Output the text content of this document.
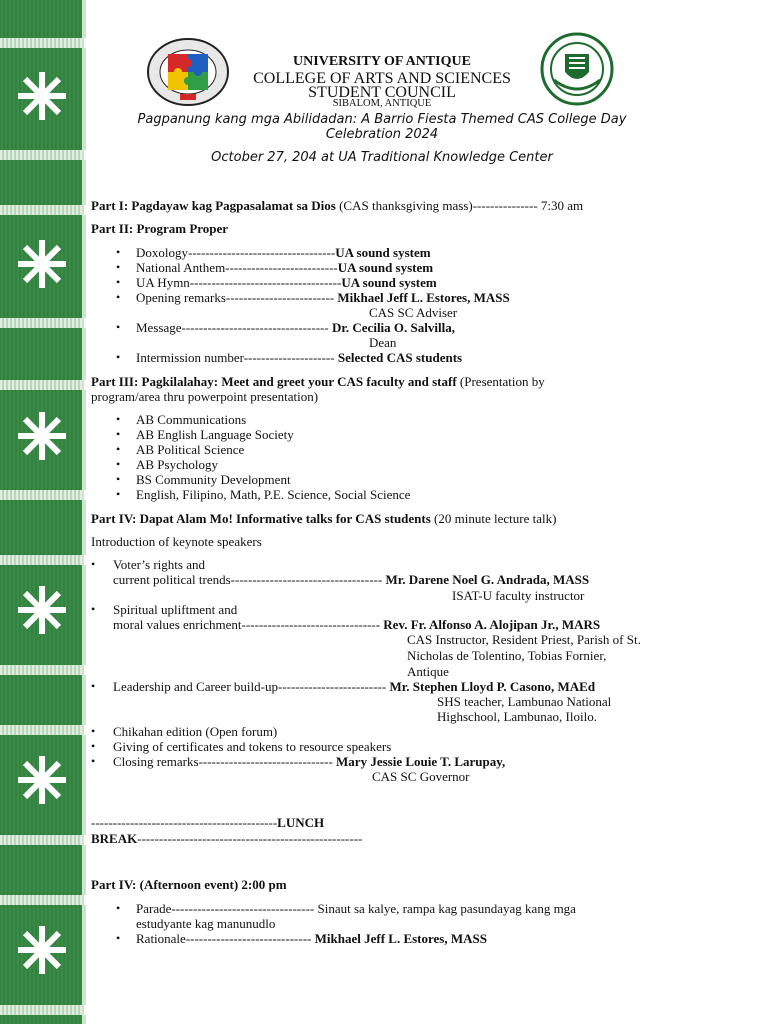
UNIVERSITY OF ANTIQUE
COLLEGE OF ARTS AND SCIENCES
STUDENT COUNCIL
SIBALOM, ANTIQUE
Pagpanung kang mga Abilidadan: A Barrio Fiesta Themed CAS College Day
Celebration 2024
October 27, 204 at UA Traditional Knowledge Center
Part I: Pagdayaw kag Pagpasalamat sa Dios (CAS thanksgiving mass)--------------- 7:30 am
Part II: Program Proper
• Doxology----------------------------------UA sound system
• National Anthem--------------------------UA sound system
• UA Hymn-----------------------------------UA sound system
• Opening remarks------------------------- Mikhael Jeff L. Estores, MASS
CAS SC Adviser
• Message---------------------------------- Dr. Cecilia O. Salvilla,
Dean
• Intermission number--------------------- Selected CAS students
Part III: Pagkilalahay: Meet and greet your CAS faculty and staff (Presentation by
program/area thru powerpoint presentation)
• AB Communications
• AB English Language Society
• AB Political Science
• AB Psychology
• BS Community Development
• English, Filipino, Math, P.E. Science, Social Science
Part IV: Dapat Alam Mo! Informative talks for CAS students (20 minute lecture talk)
Introduction of keynote speakers
• Voter’s rights and
current political trends----------------------------------- Mr. Darene Noel G. Andrada, MASS
ISAT-U faculty instructor
• Spiritual upliftment and
moral values enrichment-------------------------------- Rev. Fr. Alfonso A. Alojipan Jr., MARS
CAS Instructor, Resident Priest, Parish of St.
Nicholas de Tolentino, Tobias Fornier,
Antique
• Leadership and Career build-up------------------------- Mr. Stephen Lloyd P. Casono, MAEd
SHS teacher, Lambunao National
Highschool, Lambunao, Iloilo.
• Chikahan edition (Open forum)
• Giving of certificates and tokens to resource speakers
• Closing remarks------------------------------- Mary Jessie Louie T. Larupay,
CAS SC Governor
-------------------------------------------LUNCH
BREAK----------------------------------------------------
Part IV: (Afternoon event) 2:00 pm
• Parade--------------------------------- Sinaut sa kalye, rampa kag pasundayag kang mga
estudyante kag manunudlo
• Rationale----------------------------- Mikhael Jeff L. Estores, MASS
